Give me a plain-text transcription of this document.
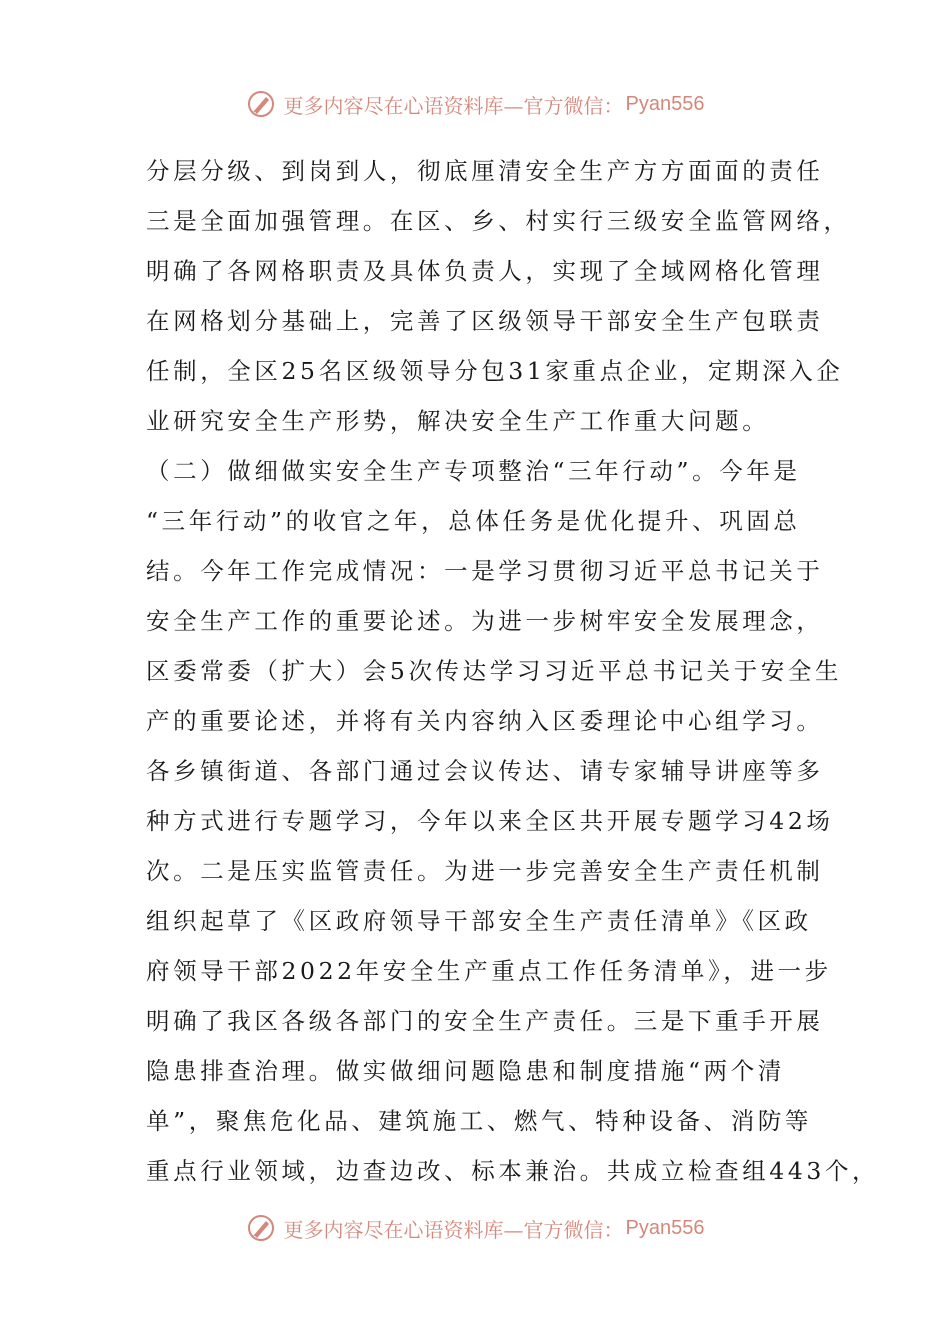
更多内容尽在心语资料库—官方微信： Pyan556
分层分级、到岗到人，彻底厘清安全生产方方面面的责任
三是全面加强管理。在区、乡、村实行三级安全监管网络，
明确了各网格职责及具体负责人，实现了全域网格化管理
在网格划分基础上，完善了区级领导干部安全生产包联责
任制，全区25名区级领导分包31家重点企业，定期深入企
业研究安全生产形势，解决安全生产工作重大问题。
（二）做细做实安全生产专项整治“三年行动”。今年是
“三年行动”的收官之年，总体任务是优化提升、巩固总
结。今年工作完成情况：一是学习贯彻习近平总书记关于
安全生产工作的重要论述。为进一步树牢安全发展理念，
区委常委（扩大）会5次传达学习习近平总书记关于安全生
产的重要论述，并将有关内容纳入区委理论中心组学习。
各乡镇街道、各部门通过会议传达、请专家辅导讲座等多
种方式进行专题学习，今年以来全区共开展专题学习42场
次。二是压实监管责任。为进一步完善安全生产责任机制
组织起草了《区政府领导干部安全生产责任清单》《区政
府领导干部2022年安全生产重点工作任务清单》，进一步
明确了我区各级各部门的安全生产责任。三是下重手开展
隐患排查治理。做实做细问题隐患和制度措施“两个清
单”，聚焦危化品、建筑施工、燃气、特种设备、消防等
重点行业领域，边查边改、标本兼治。共成立检查组443个，
更多内容尽在心语资料库—官方微信： Pyan556
